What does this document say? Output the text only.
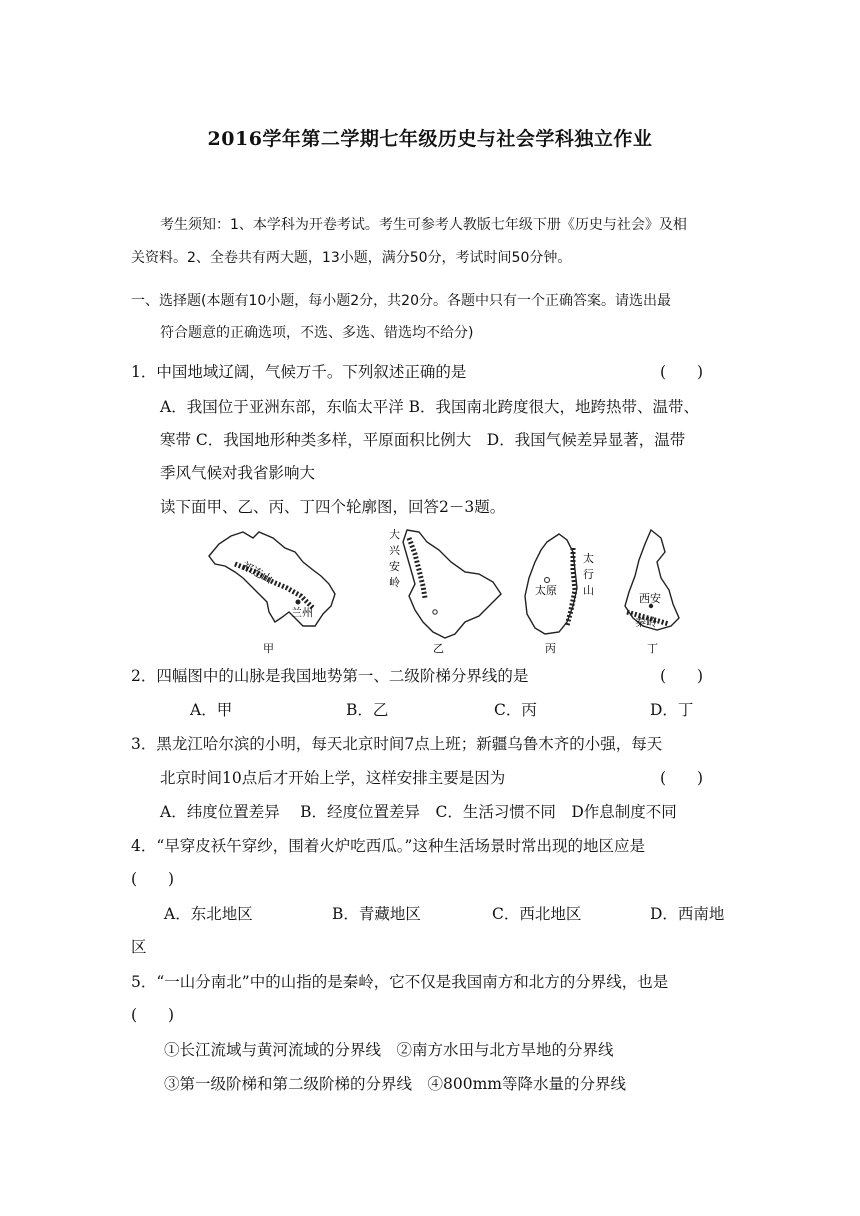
2016学年第二学期七年级历史与社会学科独立作业
考生须知：1、本学科为开卷考试。考生可参考人教版七年级下册《历史与社会》及相
关资料。2、全卷共有两大题，13小题，满分50分，考试时间50分钟。
一、选择题(本题有10小题，每小题2分，共20分。各题中只有一个正确答案。请选出最
符合题意的正确选项，不选、多选、错选均不给分)
1．中国地域辽阔，气候万千。下列叙述正确的是	(　　)
A．我国位于亚洲东部，东临太平洋 B．我国南北跨度很大，地跨热带、温带、
寒带 C．我国地形种类多样，平原面积比例大　D．我国气候差异显著，温带
季风气候对我省影响大
读下面甲、乙、丙、丁四个轮廓图，回答2－3题。
祁连山
兰州
甲
大
兴
安
岭
乙
太原
太
行
山
丙
西安
秦岭
丁
2．四幅图中的山脉是我国地势第一、二级阶梯分界线的是	(　　)
A．甲	B．乙	C．丙	D．丁
3．黑龙江哈尔滨的小明，每天北京时间7点上班；新疆乌鲁木齐的小强，每天
北京时间10点后才开始上学，这样安排主要是因为	(　　)
A．纬度位置差异　 B．经度位置差异　C．生活习惯不同　D作息制度不同
4．“早穿皮袄午穿纱，围着火炉吃西瓜。”这种生活场景时常出现的地区应是
(　　)
A．东北地区	B．青藏地区	C．西北地区	D．西南地
区
5．“一山分南北”中的山指的是秦岭，它不仅是我国南方和北方的分界线，也是
(　　)
①长江流域与黄河流域的分界线　②南方水田与北方旱地的分界线
③第一级阶梯和第二级阶梯的分界线　④800mm等降水量的分界线
